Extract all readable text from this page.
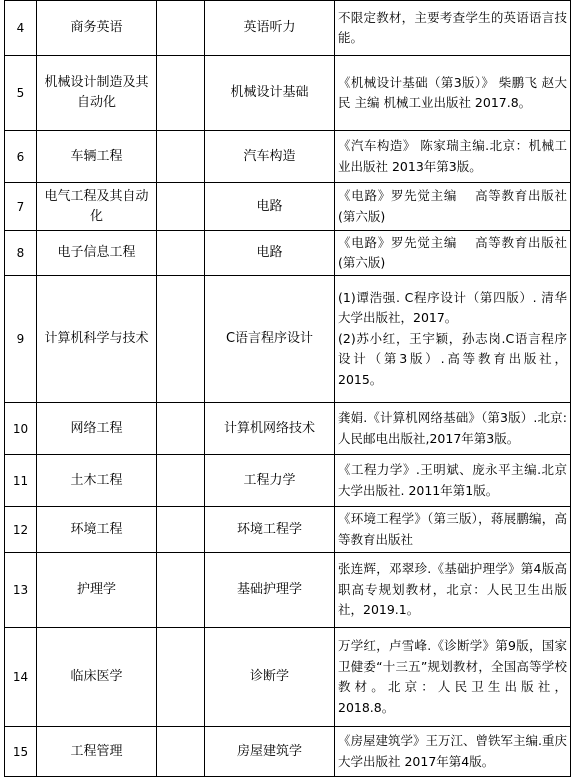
4	商务英语		英语听力	不限定教材，主要考查学生的英语语言技能。

5	机械设计制造及其自动化		机械设计基础	《机械设计基础（第3版）》 柴鹏飞 赵大民 主编 机械工业出版社 2017.8。

6	车辆工程		汽车构造	《汽车构造》 陈家瑞主编.北京：机械工业出版社 2013年第3版。

7	电气工程及其自动化		电路	《电路》罗先觉主编　 高等教育出版社(第六版)

8	电子信息工程		电路	《电路》罗先觉主编　 高等教育出版社(第六版)

9	计算机科学与技术		C语言程序设计	(1)谭浩强. C程序设计（第四版）. 清华大学出版社，2017。
(2)苏小红，王宇颖，孙志岗.C语言程序设计（第3版）.高等教育出版社，2015。

10	网络工程		计算机网络技术	龚娟.《计算机网络基础》（第3版）.北京:人民邮电出版社,2017年第3版。

11	土木工程		工程力学	《工程力学》.王明斌、庞永平主编.北京大学出版社. 2011年第1版。

12	环境工程		环境工程学	《环境工程学》（第三版），蒋展鹏编，高等教育出版社

13	护理学		基础护理学	张连辉，邓翠珍.《基础护理学》第4版高职高专规划教材，北京：人民卫生出版社，2019.1。

14	临床医学		诊断学	万学红，卢雪峰.《诊断学》第9版，国家卫健委“十三五”规划教材，全国高等学校教材。北京：人民卫生出版社，2018.8。

15	工程管理		房屋建筑学	《房屋建筑学》王万江、曾铁军主编.重庆大学出版社 2017年第4版。
